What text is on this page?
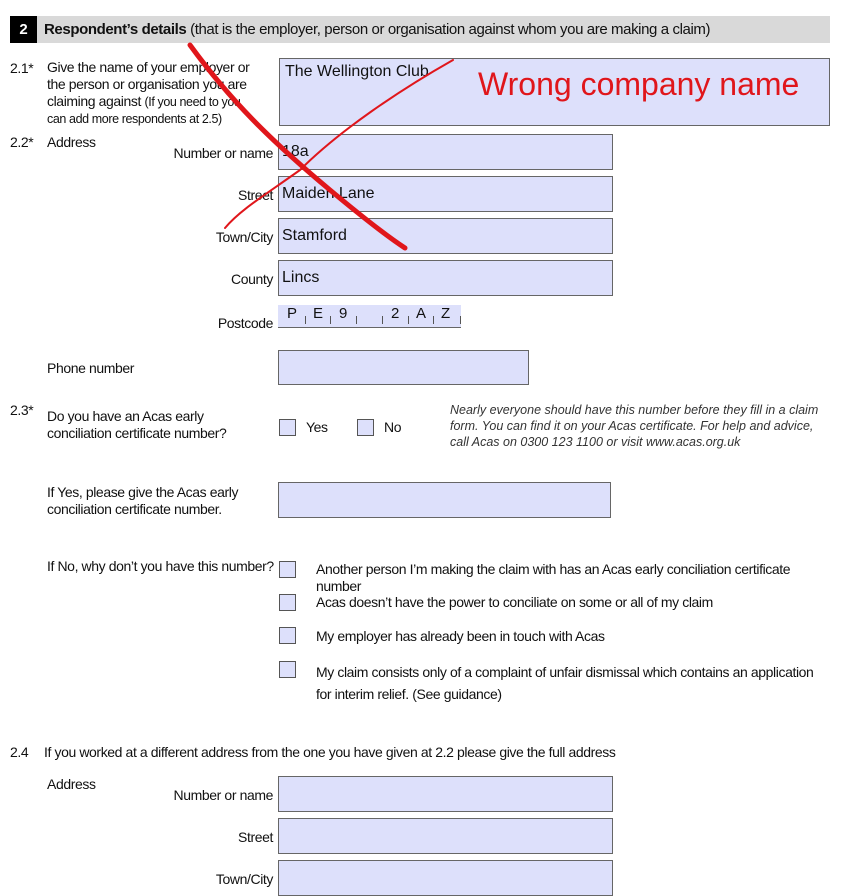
2	Respondent’s details (that is the employer, person or organisation against whom you are making a claim)
2.1* Give the name of your employer or the person or organisation you are claiming against (If you need to you can add more respondents at 2.5)
The Wellington Club Wrong company name
2.2* Address
Number or name 18a
Street Maiden Lane
Town/City Stamford
County Lincs
Postcode
P E 9	2 A Z
Phone number
2.3* Do you have an Acas early conciliation certificate number?	Yes	No
Nearly everyone should have this number before they fill in a claim form. You can find it on your Acas certificate. For help and advice, call Acas on 0300 123 1100 or visit www.acas.org.uk
If Yes, please give the Acas early conciliation certificate number.
If No, why don’t you have this number?	Another person I’m making the claim with has an Acas early conciliation certificate number
Acas doesn’t have the power to conciliate on some or all of my claim
My employer has already been in touch with Acas
My claim consists only of a complaint of unfair dismissal which contains an application for interim relief. (See guidance)
2.4 If you worked at a different address from the one you have given at 2.2 please give the full address
Address
Number or name
Street
Town/City
